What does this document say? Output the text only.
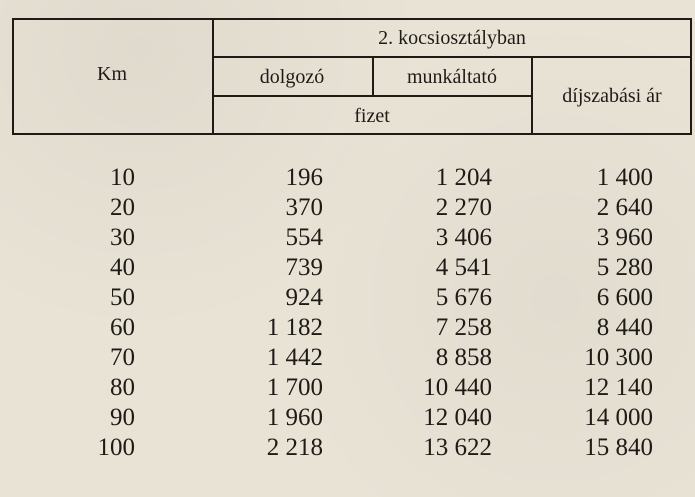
Km
2. kocsiosztályban
dolgozó	munkáltató
fizet
díjszabási ár
10	196	1 204	1 400
20	370	2 270	2 640
30	554	3 406	3 960
40	739	4 541	5 280
50	924	5 676	6 600
60	1 182	7 258	8 440
70	1 442	8 858	10 300
80	1 700	10 440	12 140
90	1 960	12 040	14 000
100	2 218	13 622	15 840
